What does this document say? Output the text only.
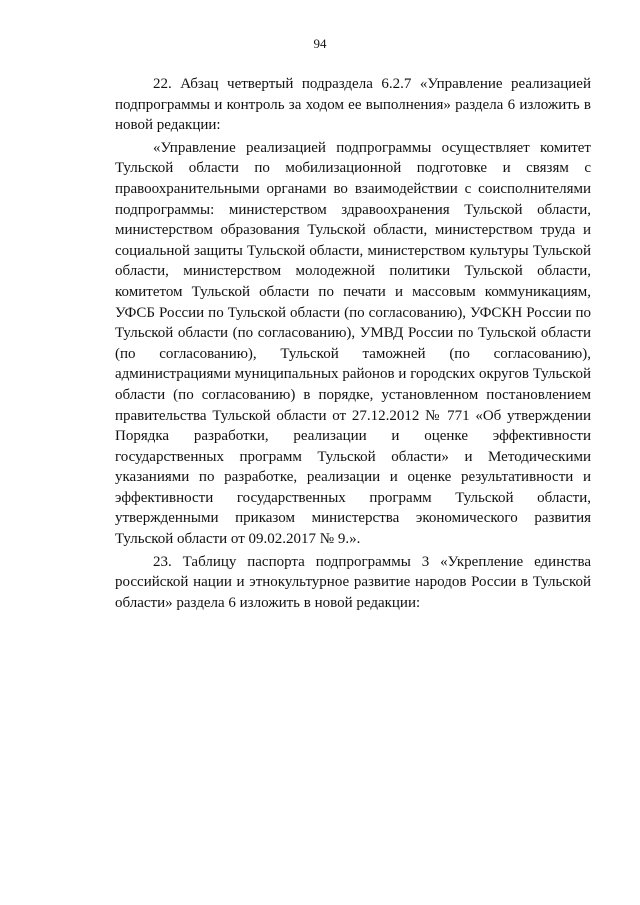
94

22. Абзац четвертый подраздела 6.2.7 «Управление реализацией подпрограммы и контроль за ходом ее выполнения» раздела 6 изложить в новой редакции:

«Управление реализацией подпрограммы осуществляет комитет Тульской области по мобилизационной подготовке и связям с правоохранительными органами во взаимодействии с соисполнителями подпрограммы: министерством здравоохранения Тульской области, министерством образования Тульской области, министерством труда и социальной защиты Тульской области, министерством культуры Тульской области, министерством молодежной политики Тульской области, комитетом Тульской области по печати и массовым коммуникациям, УФСБ России по Тульской области (по согласованию), УФСКН России по Тульской области (по согласованию), УМВД России по Тульской области (по согласованию), Тульской таможней (по согласованию), администрациями муниципальных районов и городских округов Тульской области (по согласованию) в порядке, установленном постановлением правительства Тульской области от 27.12.2012 № 771 «Об утверждении Порядка разработки, реализации и оценке эффективности государственных программ Тульской области» и Методическими указаниями по разработке, реализации и оценке результативности и эффективности государственных программ Тульской области, утвержденными приказом министерства экономического развития Тульской области от 09.02.2017 № 9.».

23. Таблицу паспорта подпрограммы 3 «Укрепление единства российской нации и этнокультурное развитие народов России в Тульской области» раздела 6 изложить в новой редакции:
